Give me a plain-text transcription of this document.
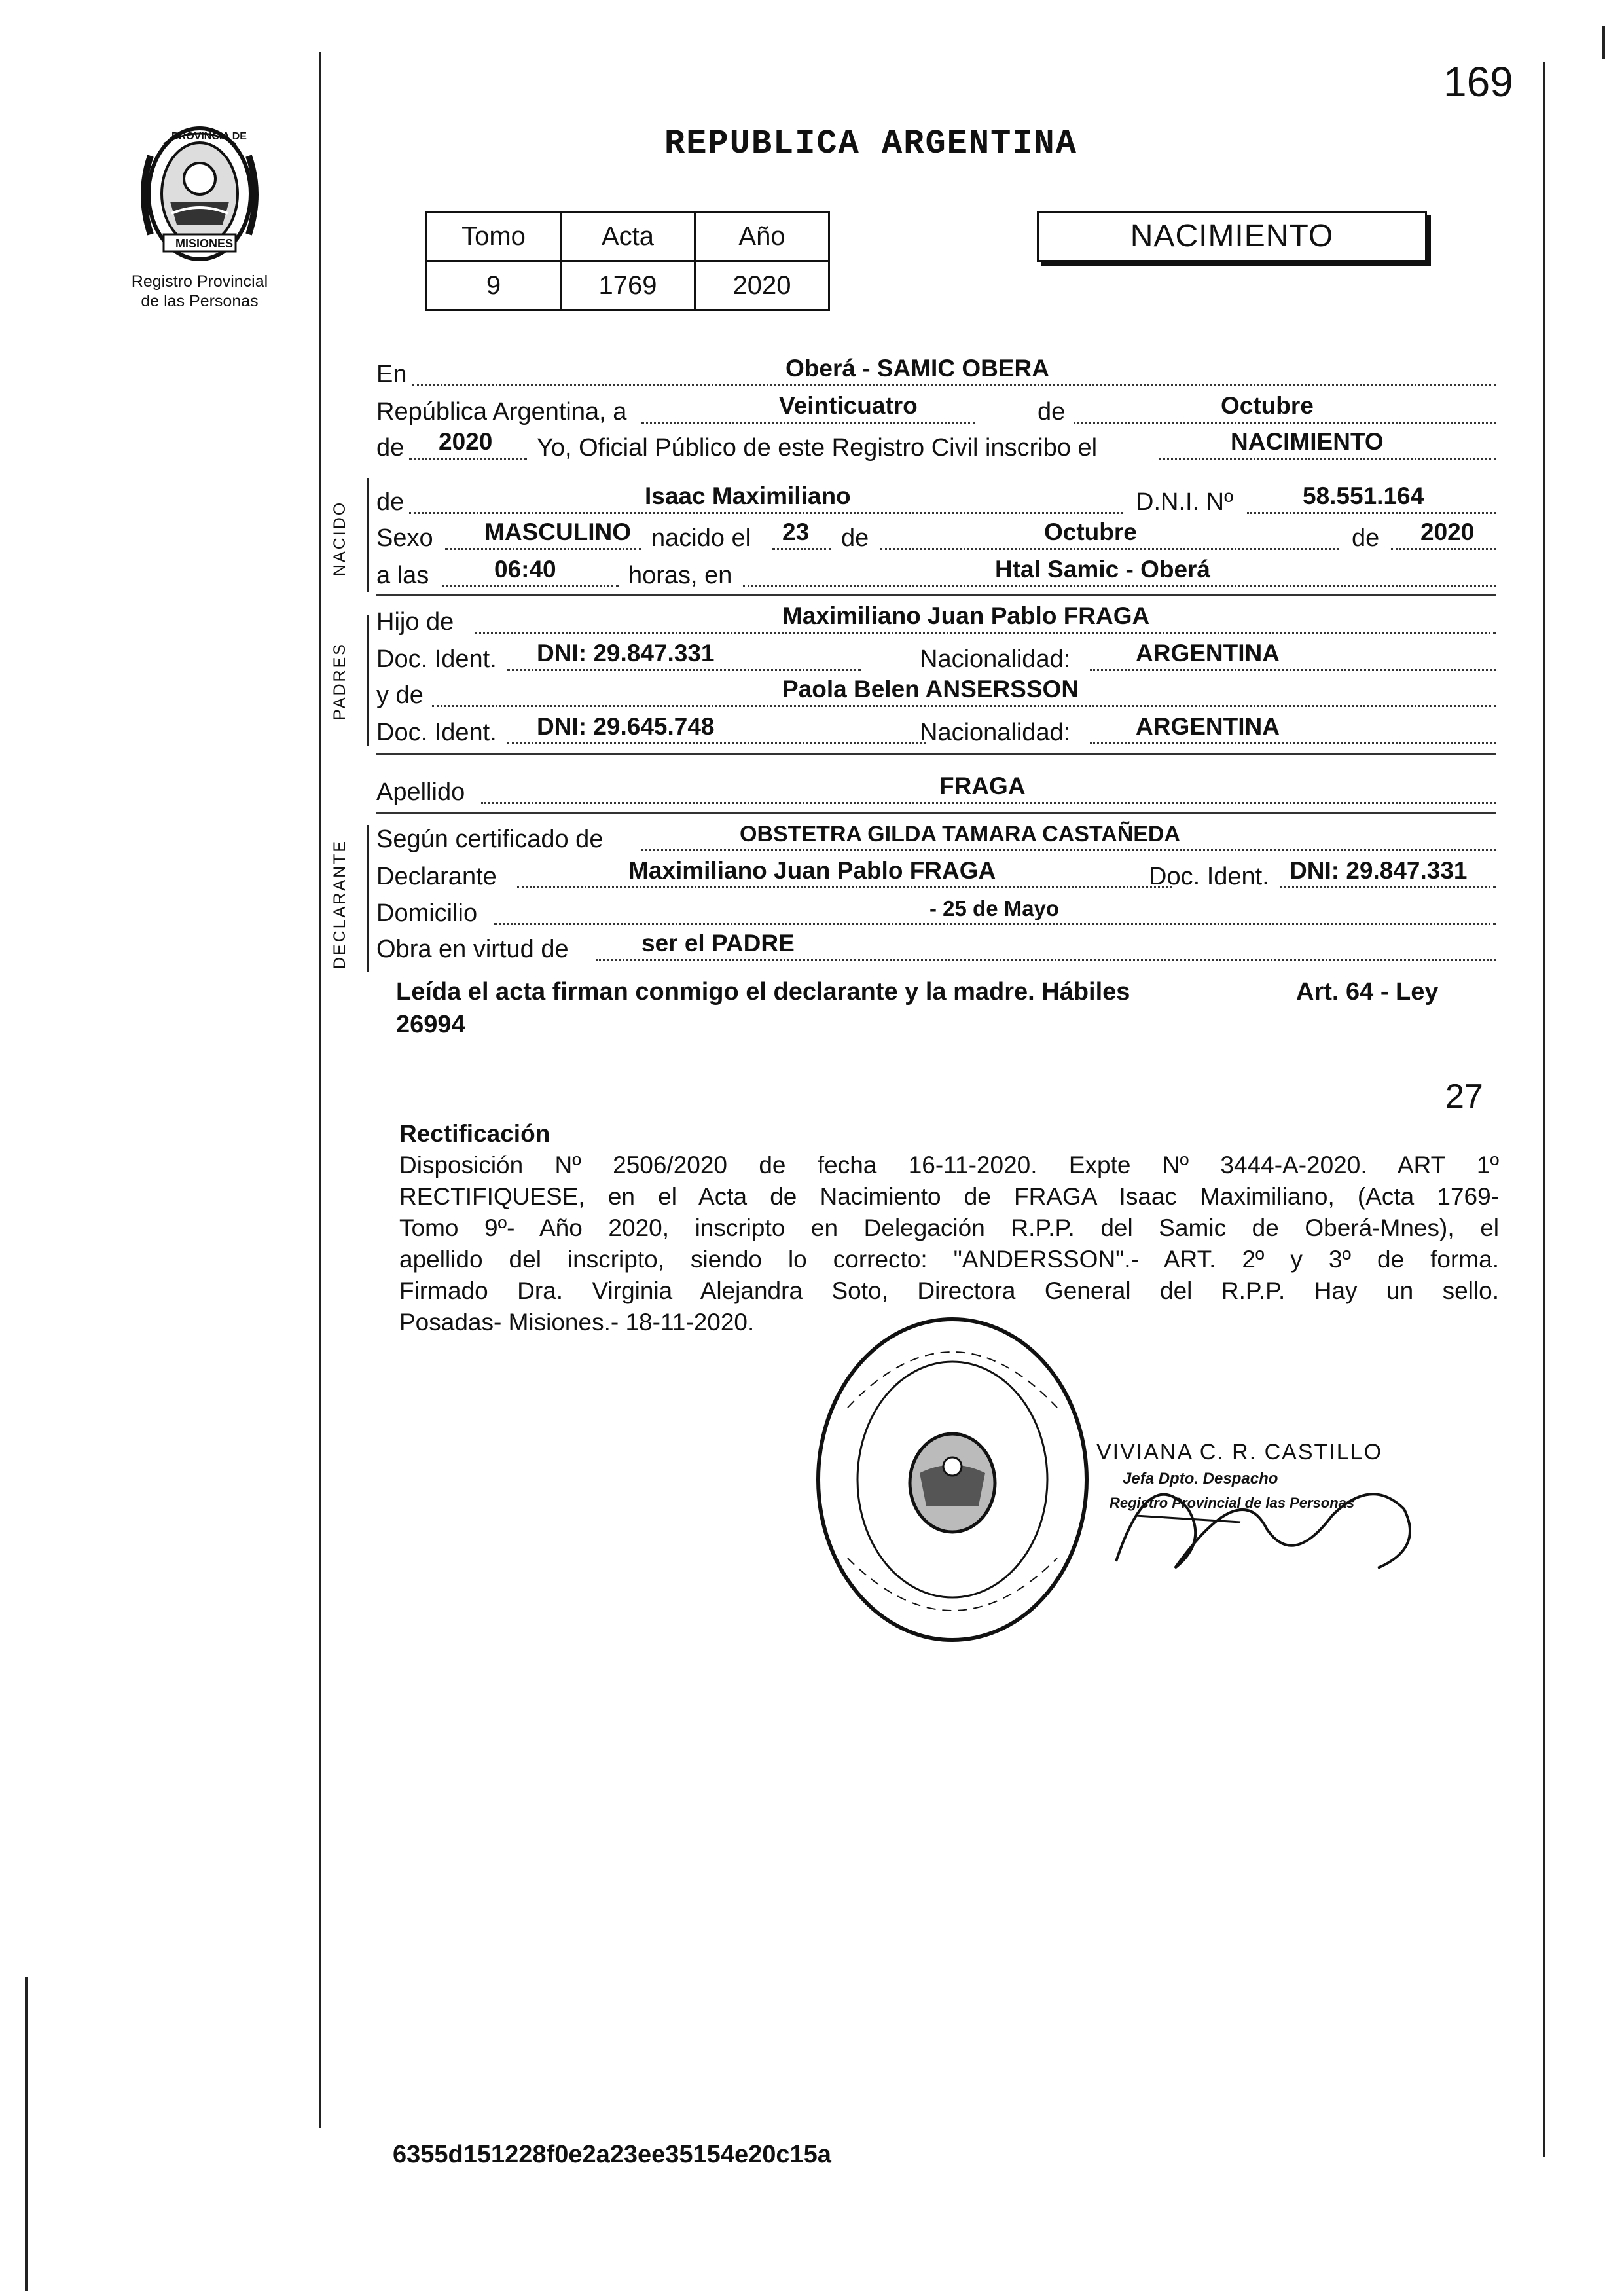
169
PROVINCIA DE
MISIONES
Registro Provincial
de las Personas
REPUBLICA ARGENTINA
Tomo	Acta	Año
9	1769	2020
NACIMIENTO
NACIDO
PADRES
DECLARANTE
En	Oberá - SAMIC OBERA
República Argentina, a	Veinticuatro	de	Octubre
de 2020 Yo, Oficial Público de este Registro Civil inscribo el	NACIMIENTO
de	Isaac Maximiliano	D.N.I. Nº	58.551.164
Sexo MASCULINO nacido el 23 de	Octubre	de 2020
a las	06:40	horas, en	Htal Samic - Oberá
Hijo de	Maximiliano Juan Pablo FRAGA
Doc. Ident. DNI: 29.847.331	Nacionalidad:	ARGENTINA
y de	Paola Belen ANSERSSON
Doc. Ident. DNI: 29.645.748	Nacionalidad:	ARGENTINA
Apellido	FRAGA
Según certificado de	OBSTETRA GILDA TAMARA CASTAÑEDA
Declarante	Maximiliano Juan Pablo FRAGA	Doc. Ident. DNI: 29.847.331
Domicilio	- 25 de Mayo
Obra en virtud de	ser el PADRE
Leída el acta firman conmigo el declarante y la madre. Hábiles	Art. 64 - Ley
26994
27
Rectificación
Disposición Nº 2506/2020 de fecha 16-11-2020. Expte Nº 3444-A-2020. ART 1º
RECTIFIQUESE, en el Acta de Nacimiento de FRAGA Isaac Maximiliano, (Acta 1769-
Tomo 9º- Año 2020, inscripto en Delegación R.P.P. del Samic de Oberá-Mnes), el
apellido del inscripto, siendo lo correcto: "ANDERSSON".- ART. 2º y 3º de forma.
Firmado Dra. Virginia Alejandra Soto, Directora General del R.P.P. Hay un sello.
Posadas- Misiones.- 18-11-2020.
VIVIANA C. R. CASTILLO
Jefa Dpto. Despacho
Registro Provincial de las Personas
6355d151228f0e2a23ee35154e20c15a
